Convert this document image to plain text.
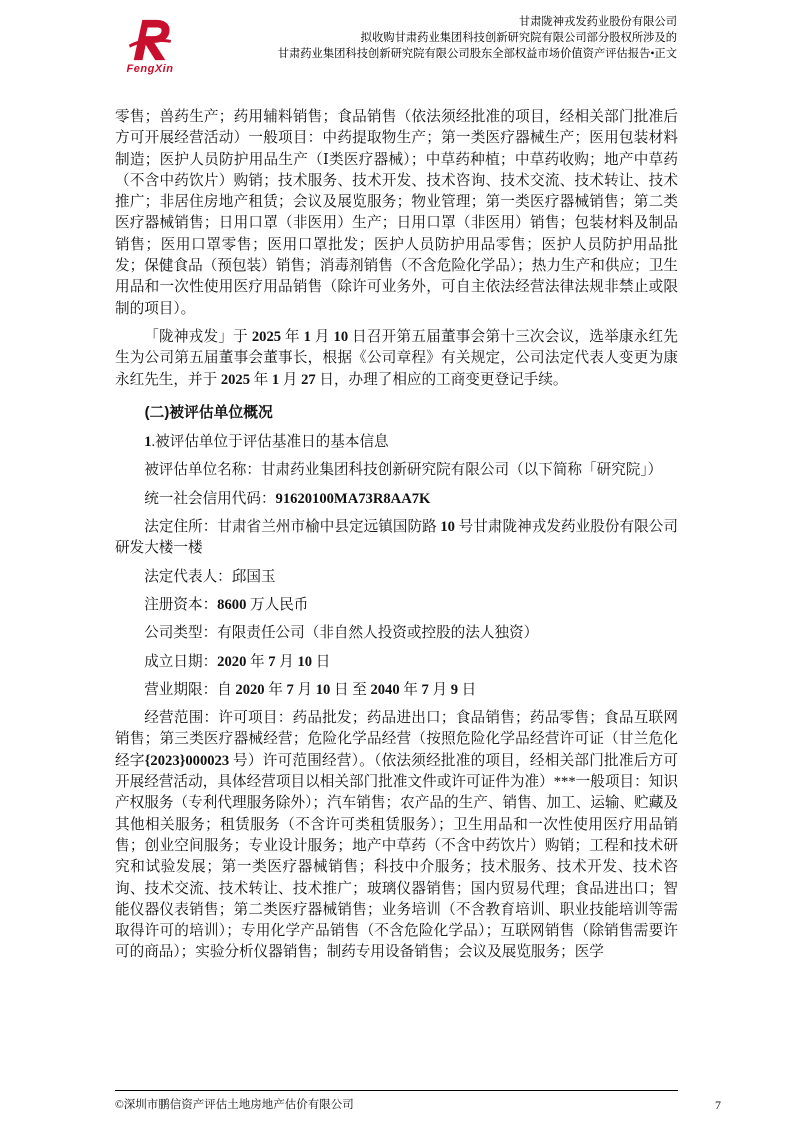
FengXin
甘肃陇神戎发药业股份有限公司
拟收购甘肃药业集团科技创新研究院有限公司部分股权所涉及的
甘肃药业集团科技创新研究院有限公司股东全部权益市场价值资产评估报告•正文

零售；兽药生产；药用辅料销售；食品销售（依法须经批准的项目，经相关部门批准后方可开展经营活动）一般项目：中药提取物生产；第一类医疗器械生产；医用包装材料制造；医护人员防护用品生产（Ⅰ类医疗器械）；中草药种植；中草药收购；地产中草药（不含中药饮片）购销；技术服务、技术开发、技术咨询、技术交流、技术转让、技术推广；非居住房地产租赁；会议及展览服务；物业管理；第一类医疗器械销售；第二类医疗器械销售；日用口罩（非医用）生产；日用口罩（非医用）销售；包装材料及制品销售；医用口罩零售；医用口罩批发；医护人员防护用品零售；医护人员防护用品批发；保健食品（预包装）销售；消毒剂销售（不含危险化学品）；热力生产和供应；卫生用品和一次性使用医疗用品销售（除许可业务外，可自主依法经营法律法规非禁止或限制的项目）。

「陇神戎发」于 2025 年 1 月 10 日召开第五届董事会第十三次会议，选举康永红先生为公司第五届董事会董事长，根据《公司章程》有关规定，公司法定代表人变更为康永红先生，并于 2025 年 1 月 27 日，办理了相应的工商变更登记手续。

(二)被评估单位概况

1.被评估单位于评估基准日的基本信息

被评估单位名称：甘肃药业集团科技创新研究院有限公司（以下简称「研究院」）

统一社会信用代码：91620100MA73R8AA7K

法定住所：甘肃省兰州市榆中县定远镇国防路 10 号甘肃陇神戎发药业股份有限公司研发大楼一楼

法定代表人：邱国玉

注册资本：8600 万人民币

公司类型：有限责任公司（非自然人投资或控股的法人独资）

成立日期：2020 年 7 月 10 日

营业期限：自 2020 年 7 月 10 日 至 2040 年 7 月 9 日

经营范围：许可项目：药品批发；药品进出口；食品销售；药品零售；食品互联网销售；第三类医疗器械经营；危险化学品经营（按照危险化学品经营许可证（甘兰危化经字{2023}000023 号）许可范围经营）。（依法须经批准的项目，经相关部门批准后方可开展经营活动，具体经营项目以相关部门批准文件或许可证件为准）***一般项目：知识产权服务（专利代理服务除外）；汽车销售；农产品的生产、销售、加工、运输、贮藏及其他相关服务；租赁服务（不含许可类租赁服务）；卫生用品和一次性使用医疗用品销售；创业空间服务；专业设计服务；地产中草药（不含中药饮片）购销；工程和技术研究和试验发展；第一类医疗器械销售；科技中介服务；技术服务、技术开发、技术咨询、技术交流、技术转让、技术推广；玻璃仪器销售；国内贸易代理；食品进出口；智能仪器仪表销售；第二类医疗器械销售；业务培训（不含教育培训、职业技能培训等需取得许可的培训）；专用化学产品销售（不含危险化学品）；互联网销售（除销售需要许可的商品）；实验分析仪器销售；制药专用设备销售；会议及展览服务；医学

©深圳市鹏信资产评估土地房地产估价有限公司	7
